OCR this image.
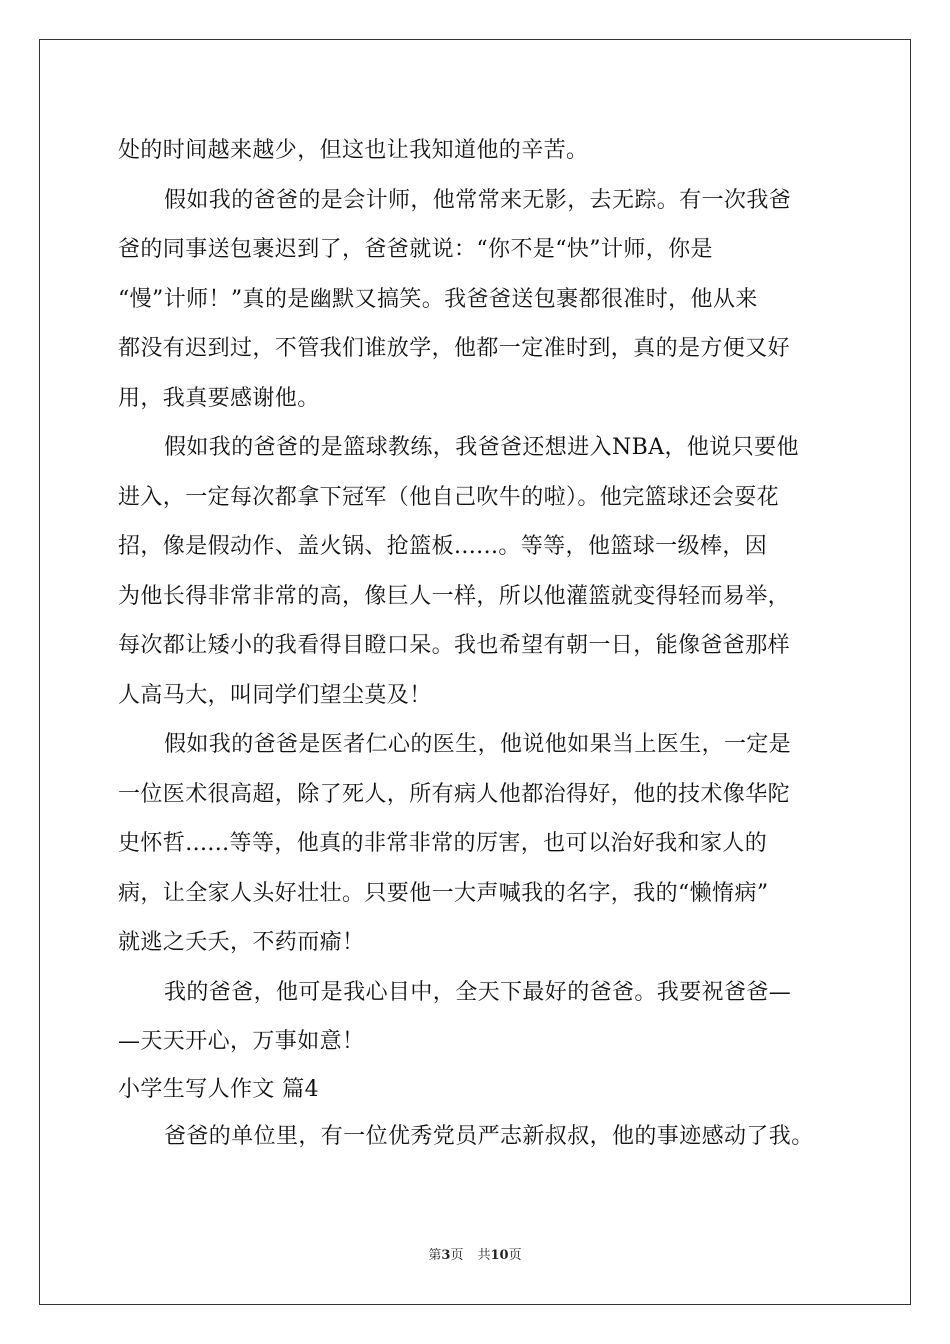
处的时间越来越少，但这也让我知道他的辛苦。
假如我的爸爸的是会计师，他常常来无影，去无踪。有一次我爸
爸的同事送包裹迟到了，爸爸就说：“你不是“快”计师，你是
“慢”计师！”真的是幽默又搞笑。我爸爸送包裹都很准时，他从来
都没有迟到过，不管我们谁放学，他都一定准时到，真的是方便又好
用，我真要感谢他。
假如我的爸爸的是篮球教练，我爸爸还想进入NBA，他说只要他
进入，一定每次都拿下冠军（他自己吹牛的啦）。他完篮球还会耍花
招，像是假动作、盖火锅、抢篮板......。等等，他篮球一级棒，因
为他长得非常非常的高，像巨人一样，所以他灌篮就变得轻而易举，
每次都让矮小的我看得目瞪口呆。我也希望有朝一日，能像爸爸那样
人高马大，叫同学们望尘莫及！
假如我的爸爸是医者仁心的医生，他说他如果当上医生，一定是
一位医术很高超，除了死人，所有病人他都治得好，他的技术像华陀
史怀哲......等等，他真的非常非常的厉害，也可以治好我和家人的
病，让全家人头好壮壮。只要他一大声喊我的名字，我的“懒惰病”
就逃之夭夭，不药而瘉！
我的爸爸，他可是我心目中，全天下最好的爸爸。我要祝爸爸—
—天天开心，万事如意！
小学生写人作文 篇4
爸爸的单位里，有一位优秀党员严志新叔叔，他的事迹感动了我。
第3页 共10页
